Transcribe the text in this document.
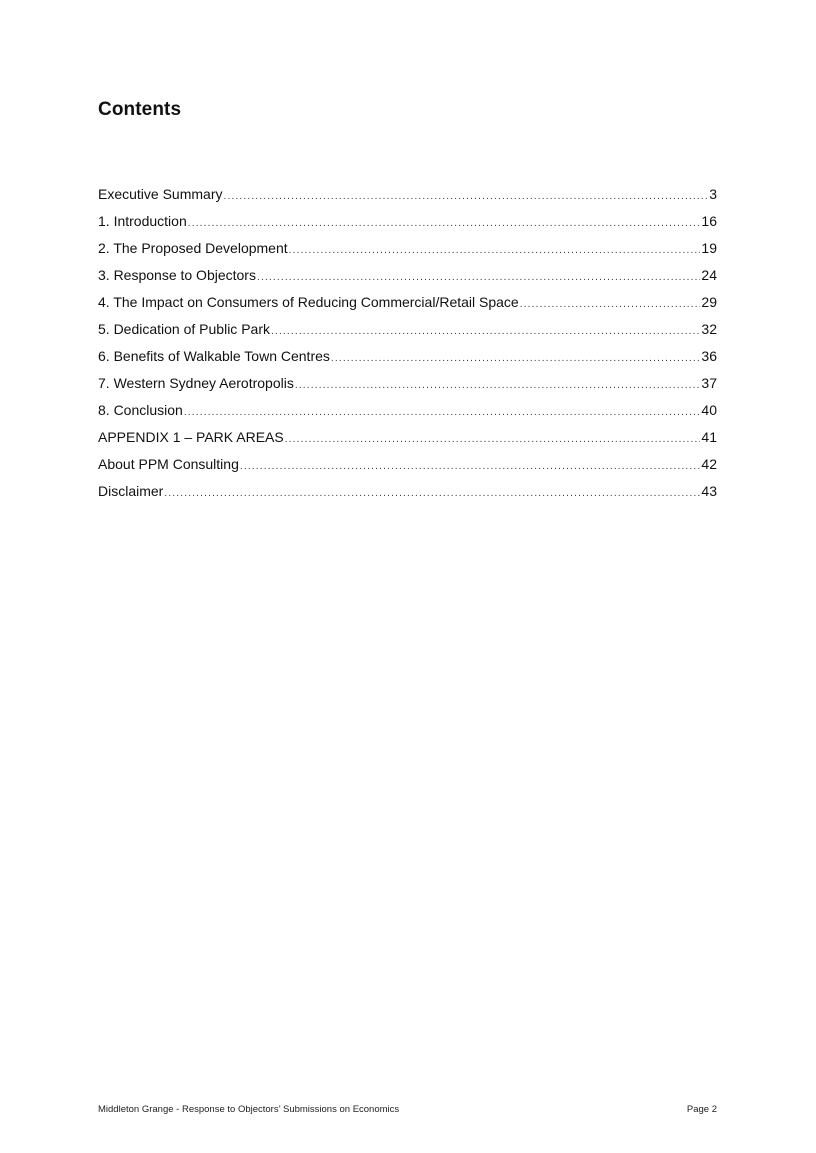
Contents
Executive Summary .....	3
1. Introduction .....	16
2. The Proposed Development .....	19
3. Response to Objectors .....	24
4. The Impact on Consumers of Reducing Commercial/Retail Space .....	29
5. Dedication of Public Park .....	32
6. Benefits of Walkable Town Centres .....	36
7. Western Sydney Aerotropolis .....	37
8. Conclusion .....	40
APPENDIX 1 – PARK AREAS .....	41
About PPM Consulting .....	42
Disclaimer .....	43
Middleton Grange - Response to Objectors’ Submissions on Economics	Page 2
